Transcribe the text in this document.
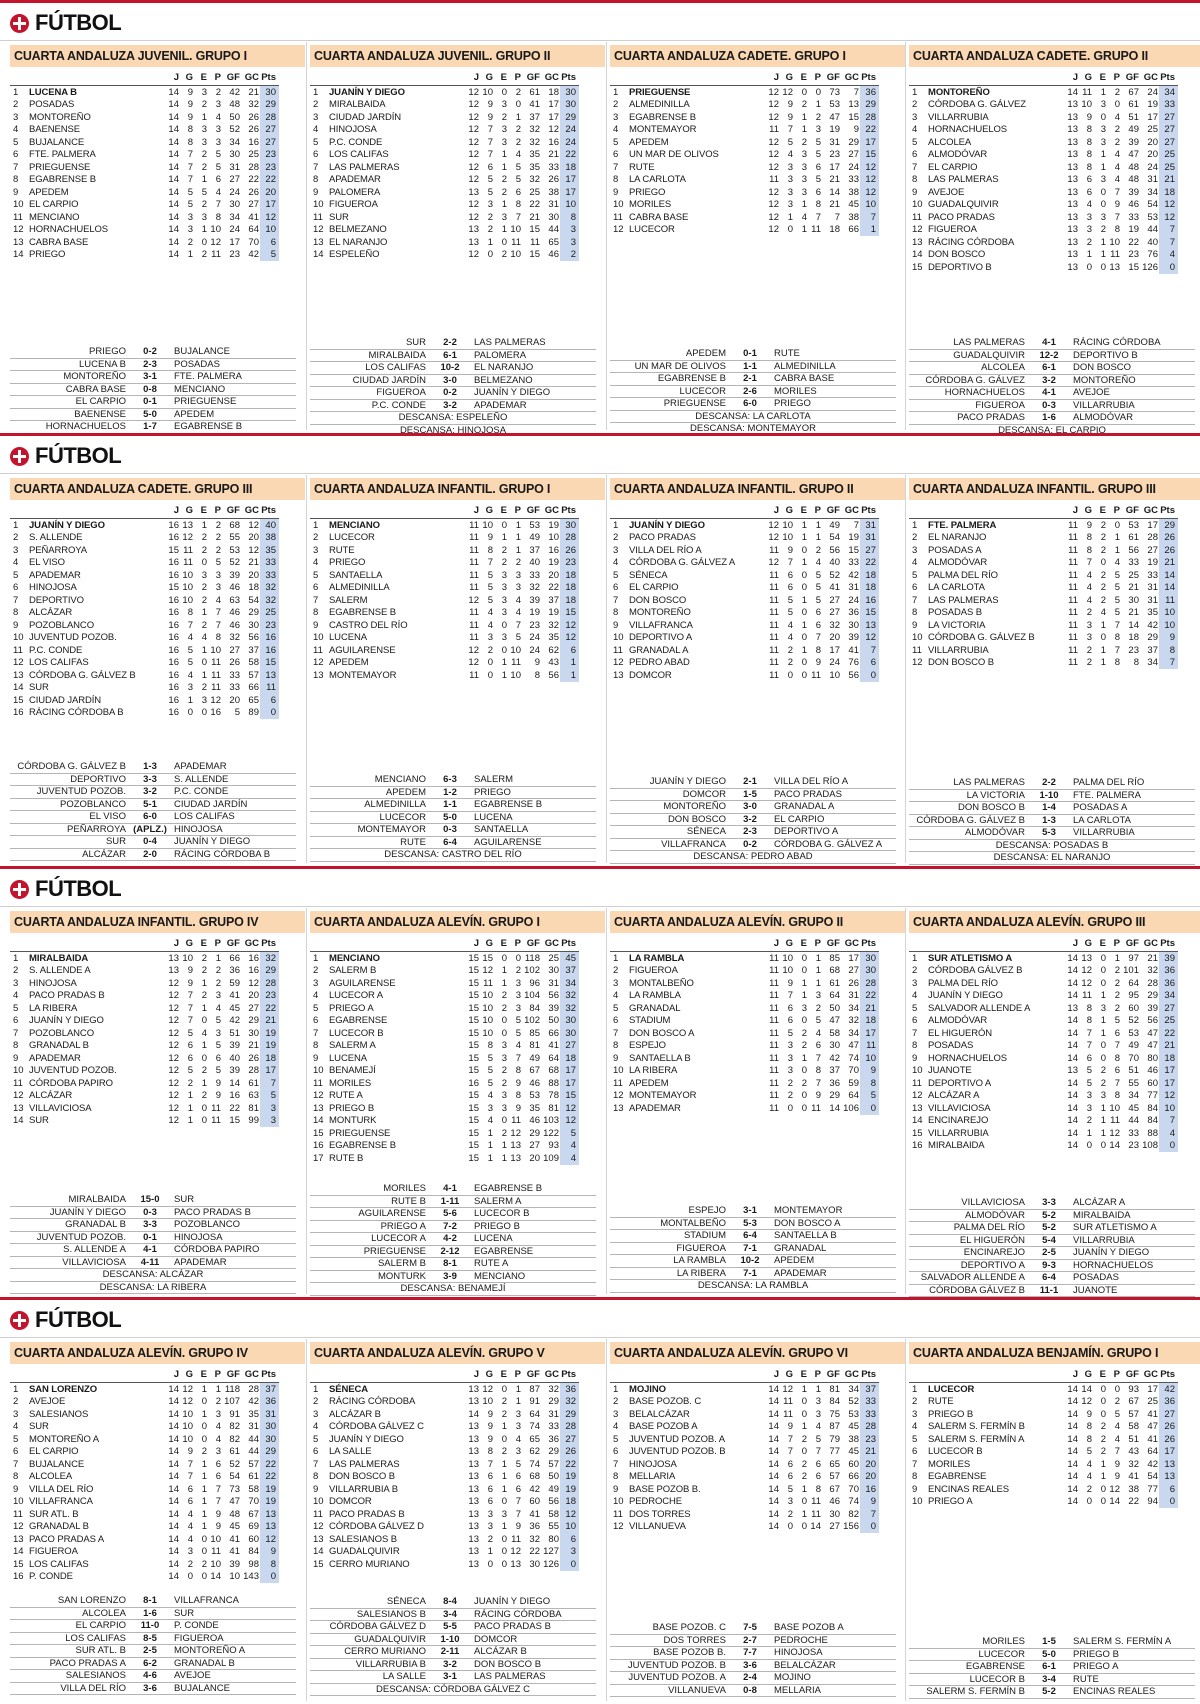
FÚTBOL
CUARTA ANDALUZA JUVENIL. GRUPO I
		J	G	E	P	GF	GC	Pts
1	LUCENA B	14	9	3	2	42	21	30
2	POSADAS	14	9	2	3	48	32	29
3	MONTOREÑO	14	9	1	4	50	26	28
4	BAENENSE	14	8	3	3	52	26	27
5	BUJALANCE	14	8	3	3	34	16	27
6	FTE. PALMERA	14	7	2	5	30	25	23
7	PRIEGUENSE	14	7	2	5	31	28	23
8	EGABRENSE B	14	7	1	6	27	22	22
9	APEDEM	14	5	5	4	24	26	20
10	EL CARPIO	14	5	2	7	30	27	17
11	MENCIANO	14	3	3	8	34	41	12
12	HORNACHUELOS	14	3	1	10	24	64	10
13	CABRA BASE	14	2	0	12	17	70	6
14	PRIEGO	14	1	2	11	23	42	5
PRIEGO	0-2	BUJALANCE
LUCENA B	2-3	POSADAS
MONTOREÑO	3-1	FTE. PALMERA
CABRA BASE	0-8	MENCIANO
EL CARPIO	0-1	PRIEGUENSE
BAENENSE	5-0	APEDEM
HORNACHUELOS	1-7	EGABRENSE B
CUARTA ANDALUZA JUVENIL. GRUPO II
		J	G	E	P	GF	GC	Pts
1	JUANÍN Y DIEGO	12	10	0	2	61	18	30
2	MIRALBAIDA	12	9	3	0	41	17	30
3	CIUDAD JARDÍN	12	9	2	1	37	17	29
4	HINOJOSA	12	7	3	2	32	12	24
5	P.C. CONDE	12	7	3	2	32	16	24
6	LOS CALIFAS	12	7	1	4	35	21	22
7	LAS PALMERAS	12	6	1	5	35	33	18
8	APADEMAR	12	5	2	5	32	26	17
9	PALOMERA	13	5	2	6	25	38	17
10	FIGUEROA	12	3	1	8	22	31	10
11	SUR	12	2	3	7	21	30	8
12	BELMEZANO	13	2	1	10	15	44	3
13	EL NARANJO	13	1	0	11	11	65	3
14	ESPELEÑO	12	0	2	10	15	46	2
SUR	2-2	LAS PALMERAS
MIRALBAIDA	6-1	PALOMERA
LOS CALIFAS	10-2	EL NARANJO
CIUDAD JARDÍN	3-0	BELMEZANO
FIGUEROA	0-2	JUANÍN Y DIEGO
P.C. CONDE	3-2	APADEMAR
DESCANSA: ESPELEÑO		
DESCANSA: HINOJOSA		
CUARTA ANDALUZA CADETE. GRUPO I
		J	G	E	P	GF	GC	Pts
1	PRIEGUENSE	12	12	0	0	73	7	36
2	ALMEDINILLA	12	9	2	1	53	13	29
3	EGABRENSE B	12	9	1	2	47	15	28
4	MONTEMAYOR	11	7	1	3	19	9	22
5	APEDEM	12	5	2	5	31	29	17
6	UN MAR DE OLIVOS	12	4	3	5	23	27	15
7	RUTE	12	3	3	6	17	24	12
8	LA CARLOTA	11	3	3	5	21	33	12
9	PRIEGO	12	3	3	6	14	38	12
10	MORILES	12	3	1	8	21	45	10
11	CABRA BASE	12	1	4	7	7	38	7
12	LUCECOR	12	0	1	11	18	66	1
APEDEM	0-1	RUTE
UN MAR DE OLIVOS	1-1	ALMEDINILLA
EGABRENSE B	2-1	CABRA BASE
LUCECOR	2-6	MORILES
PRIEGUENSE	6-0	PRIEGO
DESCANSA: LA CARLOTA		
DESCANSA: MONTEMAYOR		
CUARTA ANDALUZA CADETE. GRUPO II
		J	G	E	P	GF	GC	Pts
1	MONTOREÑO	14	11	1	2	67	24	34
2	CÓRDOBA G. GÁLVEZ	13	10	3	0	61	19	33
3	VILLARRUBIA	13	9	0	4	51	17	27
4	HORNACHUELOS	13	8	3	2	49	25	27
5	ALCOLEA	13	8	3	2	39	20	27
6	ALMODÓVAR	13	8	1	4	47	20	25
7	EL CARPIO	13	8	1	4	48	24	25
8	LAS PALMERAS	13	6	3	4	48	31	21
9	AVEJOE	13	6	0	7	39	34	18
10	GUADALQUIVIR	13	4	0	9	46	54	12
11	PACO PRADAS	13	3	3	7	33	53	12
12	FIGUEROA	13	3	2	8	19	44	7
13	RÁCING CÓRDOBA	13	2	1	10	22	40	7
14	DON BOSCO	13	1	1	11	23	76	4
15	DEPORTIVO B	13	0	0	13	15	126	0
LAS PALMERAS	4-1	RÁCING CÓRDOBA
GUADALQUIVIR	12-2	DEPORTIVO B
ALCOLEA	6-1	DON BOSCO
CÓRDOBA G. GÁLVEZ	3-2	MONTOREÑO
HORNACHUELOS	4-1	AVEJOE
FIGUEROA	0-3	VILLARRUBIA
PACO PRADAS	1-6	ALMODÓVAR
DESCANSA: EL CARPIO		
FÚTBOL
CUARTA ANDALUZA CADETE. GRUPO III
		J	G	E	P	GF	GC	Pts
1	JUANÍN Y DIEGO	16	13	1	2	68	12	40
2	S. ALLENDE	16	12	2	2	55	20	38
3	PEÑARROYA	15	11	2	2	53	12	35
4	EL VISO	16	11	0	5	52	21	33
5	APADEMAR	16	10	3	3	39	20	33
6	HINOJOSA	15	10	2	3	46	18	32
7	DEPORTIVO	16	10	2	4	63	54	32
8	ALCÁZAR	16	8	1	7	46	29	25
9	POZOBLANCO	16	7	2	7	46	30	23
10	JUVENTUD POZOB.	16	4	4	8	32	56	16
11	P.C. CONDE	16	5	1	10	27	37	16
12	LOS CALIFAS	16	5	0	11	26	58	15
13	CÓRDOBA G. GÁLVEZ B	16	4	1	11	33	57	13
14	SUR	16	3	2	11	33	66	11
15	CIUDAD JARDÍN	16	1	3	12	20	65	6
16	RÁCING CÓRDOBA B	16	0	0	16	5	89	0
CÓRDOBA G. GÁLVEZ B	1-3	APADEMAR
DEPORTIVO	3-3	S. ALLENDE
JUVENTUD POZOB.	3-2	P.C. CONDE
POZOBLANCO	5-1	CIUDAD JARDÍN
EL VISO	6-0	LOS CALIFAS
PEÑARROYA	(APLZ.)	HINOJOSA
SUR	0-4	JUANÍN Y DIEGO
ALCÁZAR	2-0	RÁCING CÓRDOBA B
CUARTA ANDALUZA INFANTIL. GRUPO I
		J	G	E	P	GF	GC	Pts
1	MENCIANO	11	10	0	1	53	19	30
2	LUCECOR	11	9	1	1	49	10	28
3	RUTE	11	8	2	1	37	16	26
4	PRIEGO	11	7	2	2	40	19	23
5	SANTAELLA	11	5	3	3	33	20	18
6	ALMEDINILLA	11	5	3	3	32	22	18
7	SALERM	12	5	3	4	39	37	18
8	EGABRENSE B	11	4	3	4	19	19	15
9	CASTRO DEL RÍO	11	4	0	7	23	32	12
10	LUCENA	11	3	3	5	24	35	12
11	AGUILARENSE	12	2	0	10	24	62	6
12	APEDEM	12	0	1	11	9	43	1
13	MONTEMAYOR	11	0	1	10	8	56	1
MENCIANO	6-3	SALERM
APEDEM	1-2	PRIEGO
ALMEDINILLA	1-1	EGABRENSE B
LUCECOR	5-0	LUCENA
MONTEMAYOR	0-3	SANTAELLA
RUTE	6-4	AGUILARENSE
DESCANSA: CASTRO DEL RÍO		
CUARTA ANDALUZA INFANTIL. GRUPO II
		J	G	E	P	GF	GC	Pts
1	JUANÍN Y DIEGO	12	10	1	1	49	7	31
2	PACO PRADAS	12	10	1	1	54	19	31
3	VILLA DEL RÍO A	11	9	0	2	56	15	27
4	CÓRDOBA G. GÁLVEZ A	12	7	1	4	40	33	22
5	SÉNECA	11	6	0	5	52	42	18
6	EL CARPIO	11	6	0	5	41	31	18
7	DON BOSCO	11	5	1	5	27	24	16
8	MONTOREÑO	11	5	0	6	27	36	15
9	VILLAFRANCA	11	4	1	6	32	30	13
10	DEPORTIVO A	11	4	0	7	20	39	12
11	GRANADAL A	11	2	1	8	17	41	7
12	PEDRO ABAD	11	2	0	9	24	76	6
13	DOMCOR	11	0	0	11	10	56	0
JUANÍN Y DIEGO	2-1	VILLA DEL RÍO A
DOMCOR	1-5	PACO PRADAS
MONTOREÑO	3-0	GRANADAL A
DON BOSCO	3-2	EL CARPIO
SÉNECA	2-3	DEPORTIVO A
VILLAFRANCA	0-2	CÓRDOBA G. GÁLVEZ A
DESCANSA: PEDRO ABAD		
CUARTA ANDALUZA INFANTIL. GRUPO III
		J	G	E	P	GF	GC	Pts
1	FTE. PALMERA	11	9	2	0	53	17	29
2	EL NARANJO	11	8	2	1	61	28	26
3	POSADAS A	11	8	2	1	56	27	26
4	ALMODÓVAR	11	7	0	4	33	19	21
5	PALMA DEL RÍO	11	4	2	5	25	33	14
6	LA CARLOTA	11	4	2	5	21	31	14
7	LAS PALMERAS	11	4	2	5	30	31	11
8	POSADAS B	11	2	4	5	21	35	10
9	LA VICTORIA	11	3	1	7	14	42	10
10	CÓRDOBA G. GÁLVEZ B	11	3	0	8	18	29	9
11	VILLARRUBIA	11	2	1	7	23	37	8
12	DON BOSCO B	11	2	1	8	8	34	7
LAS PALMERAS	2-2	PALMA DEL RÍO
LA VICTORIA	1-10	FTE. PALMERA
DON BOSCO B	1-4	POSADAS A
CÓRDOBA G. GÁLVEZ B	1-3	LA CARLOTA
ALMODÓVAR	5-3	VILLARRUBIA
DESCANSA: POSADAS B		
DESCANSA: EL NARANJO		
FÚTBOL
CUARTA ANDALUZA INFANTIL. GRUPO IV
		J	G	E	P	GF	GC	Pts
1	MIRALBAIDA	13	10	2	1	66	16	32
2	S. ALLENDE A	13	9	2	2	36	16	29
3	HINOJOSA	12	9	1	2	59	12	28
4	PACO PRADAS B	12	7	2	3	41	20	23
5	LA RIBERA	12	7	1	4	45	27	22
6	JUANÍN Y DIEGO	12	7	0	5	42	29	21
7	POZOBLANCO	12	5	4	3	51	30	19
8	GRANADAL B	12	6	1	5	39	21	19
9	APADEMAR	12	6	0	6	40	26	18
10	JUVENTUD POZOB.	12	5	2	5	39	28	17
11	CÓRDOBA PAPIRO	12	2	1	9	14	61	7
12	ALCÁZAR	12	1	2	9	16	63	5
13	VILLAVICIOSA	12	1	0	11	22	81	3
14	SUR	12	1	0	11	15	99	3
MIRALBAIDA	15-0	SUR
JUANÍN Y DIEGO	0-3	PACO PRADAS B
GRANADAL B	3-3	POZOBLANCO
JUVENTUD POZOB.	0-1	HINOJOSA
S. ALLENDE A	4-1	CÓRDOBA PAPIRO
VILLAVICIOSA	4-11	APADEMAR
DESCANSA: ALCÁZAR		
DESCANSA: LA RIBERA		
CUARTA ANDALUZA ALEVÍN. GRUPO I
		J	G	E	P	GF	GC	Pts
1	MENCIANO	15	15	0	0	118	25	45
2	SALERM B	15	12	1	2	102	30	37
3	AGUILARENSE	15	11	1	3	96	31	34
4	LUCECOR A	15	10	2	3	104	56	32
5	PRIEGO A	15	10	2	3	84	39	32
6	EGABRENSE	15	10	0	5	102	50	30
7	LUCECOR B	15	10	0	5	85	66	30
8	SALERM A	15	8	3	4	81	41	27
9	LUCENA	15	5	3	7	49	64	18
10	BENAMEJÍ	15	5	2	8	67	68	17
11	MORILES	16	5	2	9	46	88	17
12	RUTE A	15	4	3	8	53	78	15
13	PRIEGO B	15	3	3	9	35	81	12
14	MONTURK	15	4	0	11	46	103	12
15	PRIEGUENSE	15	1	2	12	29	122	5
16	EGABRENSE B	15	1	1	13	27	93	4
17	RUTE B	15	1	1	13	20	109	4
MORILES	4-1	EGABRENSE B
RUTE B	1-11	SALERM A
AGUILARENSE	5-6	LUCECOR B
PRIEGO A	7-2	PRIEGO B
LUCECOR A	4-2	LUCENA
PRIEGUENSE	2-12	EGABRENSE
SALERM B	8-1	RUTE A
MONTURK	3-9	MENCIANO
DESCANSA: BENAMEJÍ		
CUARTA ANDALUZA ALEVÍN. GRUPO II
		J	G	E	P	GF	GC	Pts
1	LA RAMBLA	11	10	0	1	85	17	30
2	FIGUEROA	11	10	0	1	68	27	30
3	MONTALBEÑO	11	9	1	1	61	26	28
4	LA RAMBLA	11	7	1	3	64	31	22
5	GRANADAL	11	6	3	2	50	34	21
6	STADIUM	11	6	0	5	47	32	18
7	DON BOSCO A	11	5	2	4	58	34	17
8	ESPEJO	11	3	2	6	30	47	11
9	SANTAELLA B	11	3	1	7	42	74	10
10	LA RIBERA	11	3	0	8	37	70	9
11	APEDEM	11	2	2	7	36	59	8
12	MONTEMAYOR	11	2	0	9	29	64	5
13	APADEMAR	11	0	0	11	14	106	0
ESPEJO	3-1	MONTEMAYOR
MONTALBEÑO	5-3	DON BOSCO A
STADIUM	6-4	SANTAELLA B
FIGUEROA	7-1	GRANADAL
LA RAMBLA	10-2	APEDEM
LA RIBERA	7-1	APADEMAR
DESCANSA: LA RAMBLA		
CUARTA ANDALUZA ALEVÍN. GRUPO III
		J	G	E	P	GF	GC	Pts
1	SUR ATLETISMO A	14	13	0	1	97	21	39
2	CÓRDOBA GÁLVEZ B	14	12	0	2	101	32	36
3	PALMA DEL RÍO	14	12	0	2	64	28	36
4	JUANÍN Y DIEGO	14	11	1	2	95	29	34
5	SALVADOR ALLENDE A	13	8	3	2	60	39	27
6	ALMODÓVAR	14	8	1	5	52	56	25
7	EL HIGUERÓN	14	7	1	6	53	47	22
8	POSADAS	14	7	0	7	49	47	21
9	HORNACHUELOS	14	6	0	8	70	80	18
10	JUANOTE	13	5	2	6	51	46	17
11	DEPORTIVO A	14	5	2	7	55	60	17
12	ALCÁZAR A	14	3	3	8	34	77	12
13	VILLAVICIOSA	14	3	1	10	45	84	10
14	ENCINAREJO	14	2	1	11	44	84	7
15	VILLARRUBIA	14	1	1	12	33	88	4
16	MIRALBAIDA	14	0	0	14	23	108	0
VILLAVICIOSA	3-3	ALCÁZAR A
ALMODÓVAR	5-2	MIRALBAIDA
PALMA DEL RÍO	5-2	SUR ATLETISMO A
EL HIGUERÓN	5-4	VILLARRUBIA
ENCINAREJO	2-5	JUANÍN Y DIEGO
DEPORTIVO A	9-3	HORNACHUELOS
SALVADOR ALLENDE A	6-4	POSADAS
CÓRDOBA GÁLVEZ B	11-1	JUANOTE
FÚTBOL
CUARTA ANDALUZA ALEVÍN. GRUPO IV
		J	G	E	P	GF	GC	Pts
1	SAN LORENZO	14	12	1	1	118	28	37
2	AVEJOE	14	12	0	2	107	42	36
3	SALESIANOS	14	10	1	3	91	35	31
4	SUR	14	10	0	4	82	31	30
5	MONTOREÑO A	14	10	0	4	82	44	30
6	EL CARPIO	14	9	2	3	61	44	29
7	BUJALANCE	14	7	1	6	52	57	22
8	ALCOLEA	14	7	1	6	54	61	22
9	VILLA DEL RÍO	14	6	1	7	73	58	19
10	VILLAFRANCA	14	6	1	7	47	70	19
11	SUR ATL. B	14	4	1	9	48	67	13
12	GRANADAL B	14	4	1	9	45	69	13
13	PACO PRADAS A	14	4	0	10	41	60	12
14	FIGUEROA	14	3	0	11	41	84	9
15	LOS CALIFAS	14	2	2	10	39	98	8
16	P. CONDE	14	0	0	14	10	143	0
SAN LORENZO	8-1	VILLAFRANCA
ALCOLEA	1-6	SUR
EL CARPIO	11-0	P. CONDE
LOS CALIFAS	8-5	FIGUEROA
SUR ATL. B	2-5	MONTOREÑO A
PACO PRADAS A	6-2	GRANADAL B
SALESIANOS	4-6	AVEJOE
VILLA DEL RÍO	3-6	BUJALANCE
CUARTA ANDALUZA ALEVÍN. GRUPO V
		J	G	E	P	GF	GC	Pts
1	SÉNECA	13	12	0	1	87	32	36
2	RÁCING CÓRDOBA	13	10	2	1	91	29	32
3	ALCÁZAR B	14	9	2	3	64	31	29
4	CÓRDOBA GÁLVEZ C	13	9	1	3	74	33	28
5	JUANÍN Y DIEGO	13	9	0	4	65	36	27
6	LA SALLE	13	8	2	3	62	29	26
7	LAS PALMERAS	13	7	1	5	74	57	22
8	DON BOSCO B	13	6	1	6	68	50	19
9	VILLARRUBIA B	13	6	1	6	42	49	19
10	DOMCOR	13	6	0	7	60	56	18
11	PACO PRADAS B	13	3	3	7	41	58	12
12	CÓRDOBA GÁLVEZ D	13	3	1	9	36	55	10
13	SALESIANOS B	13	2	0	11	32	80	6
14	GUADALQUIVIR	13	1	0	12	22	127	3
15	CERRO MURIANO	13	0	0	13	30	126	0
SÉNECA	8-4	JUANÍN Y DIEGO
SALESIANOS B	3-4	RÁCING CÓRDOBA
CÓRDOBA GÁLVEZ D	5-5	PACO PRADAS B
GUADALQUIVIR	1-10	DOMCOR
CERRO MURIANO	2-11	ALCÁZAR B
VILLARRUBIA B	3-2	DON BOSCO B
LA SALLE	3-1	LAS PALMERAS
DESCANSA: CÓRDOBA GÁLVEZ C		
CUARTA ANDALUZA ALEVÍN. GRUPO VI
		J	G	E	P	GF	GC	Pts
1	MOJINO	14	12	1	1	81	34	37
2	BASE POZOB. C	14	11	0	3	84	52	33
3	BELALCÁZAR	14	11	0	3	75	53	33
4	BASE POZOB A	14	9	1	4	87	45	28
5	JUVENTUD POZOB. A	14	7	2	5	79	38	23
6	JUVENTUD POZOB. B	14	7	0	7	77	45	21
7	HINOJOSA	14	6	2	6	65	60	20
8	MELLARIA	14	6	2	6	57	66	20
9	BASE POZOB B.	14	5	1	8	67	70	16
10	PEDROCHE	14	3	0	11	46	74	9
11	DOS TORRES	14	2	1	11	30	82	7
12	VILLANUEVA	14	0	0	14	27	156	0
BASE POZOB. C	7-5	BASE POZOB A
DOS TORRES	2-7	PEDROCHE
BASE POZOB B.	7-7	HINOJOSA
JUVENTUD POZOB. B	3-6	BELALCÁZAR
JUVENTUD POZOB. A	2-4	MOJINO
VILLANUEVA	0-8	MELLARIA
CUARTA ANDALUZA BENJAMÍN. GRUPO I
		J	G	E	P	GF	GC	Pts
1	LUCECOR	14	14	0	0	93	17	42
2	RUTE	14	12	0	2	67	25	36
3	PRIEGO B	14	9	0	5	57	41	27
4	SALERM S. FERMÍN B	14	8	2	4	58	47	26
5	SALERM S. FERMÍN A	14	8	2	4	51	41	26
6	LUCECOR B	14	5	2	7	43	64	17
7	MORILES	14	4	1	9	32	42	13
8	EGABRENSE	14	4	1	9	41	54	13
9	ENCINAS REALES	14	2	0	12	38	77	6
10	PRIEGO A	14	0	0	14	22	94	0
MORILES	1-5	SALERM S. FERMÍN A
LUCECOR	5-0	PRIEGO B
EGABRENSE	6-1	PRIEGO A
LUCECOR B	3-4	RUTE
SALERM S. FERMÍN B	5-2	ENCINAS REALES
